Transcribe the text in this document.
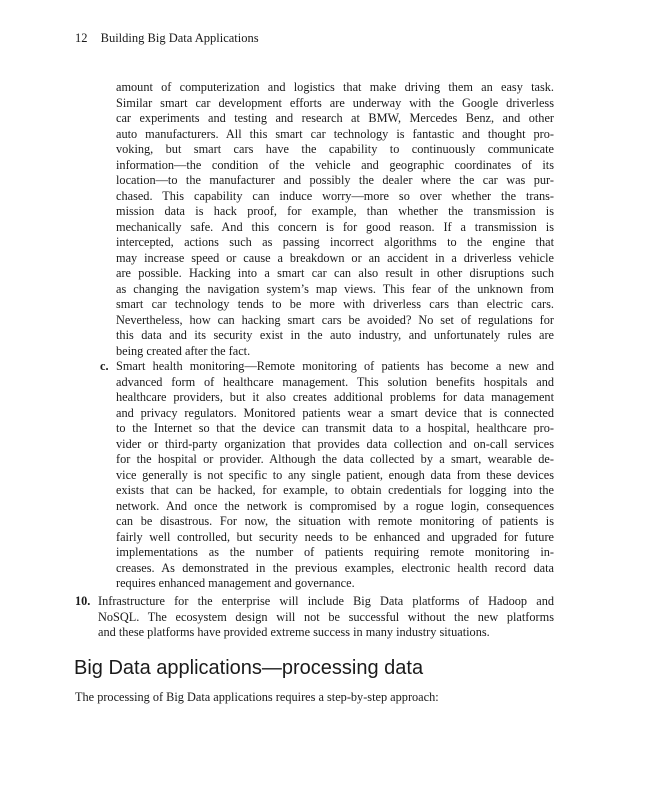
12 Building Big Data Applications
amount of computerization and logistics that make driving them an easy task.
Similar smart car development efforts are underway with the Google driverless
car experiments and testing and research at BMW, Mercedes Benz, and other
auto manufacturers. All this smart car technology is fantastic and thought pro-
voking, but smart cars have the capability to continuously communicate
information—the condition of the vehicle and geographic coordinates of its
location—to the manufacturer and possibly the dealer where the car was pur-
chased. This capability can induce worry—more so over whether the trans-
mission data is hack proof, for example, than whether the transmission is
mechanically safe. And this concern is for good reason. If a transmission is
intercepted, actions such as passing incorrect algorithms to the engine that
may increase speed or cause a breakdown or an accident in a driverless vehicle
are possible. Hacking into a smart car can also result in other disruptions such
as changing the navigation system’s map views. This fear of the unknown from
smart car technology tends to be more with driverless cars than electric cars.
Nevertheless, how can hacking smart cars be avoided? No set of regulations for
this data and its security exist in the auto industry, and unfortunately rules are
being created after the fact.
c. Smart health monitoring—Remote monitoring of patients has become a new and
advanced form of healthcare management. This solution benefits hospitals and
healthcare providers, but it also creates additional problems for data management
and privacy regulators. Monitored patients wear a smart device that is connected
to the Internet so that the device can transmit data to a hospital, healthcare pro-
vider or third-party organization that provides data collection and on-call services
for the hospital or provider. Although the data collected by a smart, wearable de-
vice generally is not specific to any single patient, enough data from these devices
exists that can be hacked, for example, to obtain credentials for logging into the
network. And once the network is compromised by a rogue login, consequences
can be disastrous. For now, the situation with remote monitoring of patients is
fairly well controlled, but security needs to be enhanced and upgraded for future
implementations as the number of patients requiring remote monitoring in-
creases. As demonstrated in the previous examples, electronic health record data
requires enhanced management and governance.
10. Infrastructure for the enterprise will include Big Data platforms of Hadoop and
NoSQL. The ecosystem design will not be successful without the new platforms
and these platforms have provided extreme success in many industry situations.
The processing of Big Data applications requires a step-by-step approach:
Big Data applications—processing data
